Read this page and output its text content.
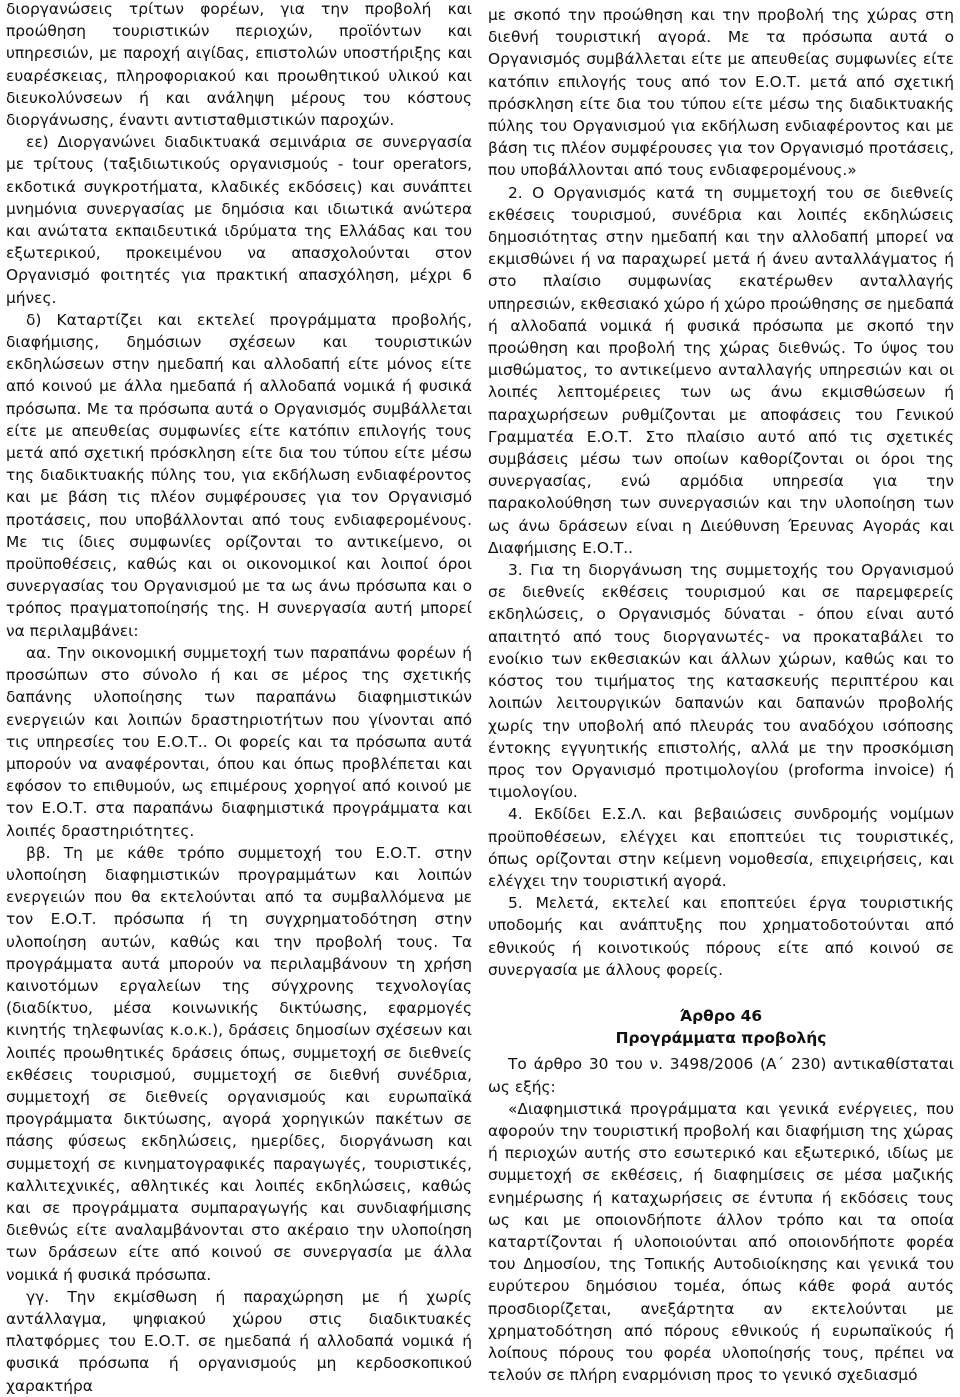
διοργανώσεις τρίτων φορέων, για την προβολή και προώθηση τουριστικών περιοχών, προϊόντων και υπηρεσιών, με παροχή αιγίδας, επιστολών υποστήριξης και ευαρέσκειας, πληροφοριακού και προωθητικού υλικού και διευκολύνσεων ή και ανάληψη μέρους του κόστους διοργάνωσης, έναντι αντισταθμιστικών παροχών.

εε) Διοργανώνει διαδικτυακά σεμινάρια σε συνεργασία με τρίτους (ταξιδιωτικούς οργανισμούς - tour operators, εκδοτικά συγκροτήματα, κλαδικές εκδόσεις) και συνάπτει μνημόνια συνεργασίας με δημόσια και ιδιωτικά ανώτερα και ανώτατα εκπαιδευτικά ιδρύματα της Ελλάδας και του εξωτερικού, προκειμένου να απασχολούνται στον Οργανισμό φοιτητές για πρακτική απασχόληση, μέχρι 6 μήνες.

δ) Καταρτίζει και εκτελεί προγράμματα προβολής, διαφήμισης, δημόσιων σχέσεων και τουριστικών εκδηλώσεων στην ημεδαπή και αλλοδαπή είτε μόνος είτε από κοινού με άλλα ημεδαπά ή αλλοδαπά νομικά ή φυσικά πρόσωπα. Με τα πρόσωπα αυτά ο Οργανισμός συμβάλλεται είτε με απευθείας συμφωνίες είτε κατόπιν επιλογής τους μετά από σχετική πρόσκληση είτε δια του τύπου είτε μέσω της διαδικτυακής πύλης του, για εκδήλωση ενδιαφέροντος και με βάση τις πλέον συμφέρουσες για τον Οργανισμό προτάσεις, που υποβάλλονται από τους ενδιαφερομένους. Με τις ίδιες συμφωνίες ορίζονται το αντικείμενο, οι προϋποθέσεις, καθώς και οι οικονομικοί και λοιποί όροι συνεργασίας του Οργανισμού με τα ως άνω πρόσωπα και ο τρόπος πραγματοποίησής της. Η συνεργασία αυτή μπορεί να περιλαμβάνει:

αα. Την οικονομική συμμετοχή των παραπάνω φορέων ή προσώπων στο σύνολο ή και σε μέρος της σχετικής δαπάνης υλοποίησης των παραπάνω διαφημιστικών ενεργειών και λοιπών δραστηριοτήτων που γίνονται από τις υπηρεσίες του Ε.Ο.Τ.. Οι φορείς και τα πρόσωπα αυτά μπορούν να αναφέρονται, όπου και όπως προβλέπεται και εφόσον το επιθυμούν, ως επιμέρους χορηγοί από κοινού με τον Ε.Ο.Τ. στα παραπάνω διαφημιστικά προγράμματα και λοιπές δραστηριότητες.

ββ. Τη με κάθε τρόπο συμμετοχή του Ε.Ο.Τ. στην υλοποίηση διαφημιστικών προγραμμάτων και λοιπών ενεργειών που θα εκτελούνται από τα συμβαλλόμενα με τον Ε.Ο.Τ. πρόσωπα ή τη συγχρηματοδότηση στην υλοποίηση αυτών, καθώς και την προβολή τους. Τα προγράμματα αυτά μπορούν να περιλαμβάνουν τη χρήση καινοτόμων εργαλείων της σύγχρονης τεχνολογίας (διαδίκτυο, μέσα κοινωνικής δικτύωσης, εφαρμογές κινητής τηλεφωνίας κ.ο.κ.), δράσεις δημοσίων σχέσεων και λοιπές προωθητικές δράσεις όπως, συμμετοχή σε διεθνείς εκθέσεις τουρισμού, συμμετοχή σε διεθνή συνέδρια, συμμετοχή σε διεθνείς οργανισμούς και ευρωπαϊκά προγράμματα δικτύωσης, αγορά χορηγικών πακέτων σε πάσης φύσεως εκδηλώσεις, ημερίδες, διοργάνωση και συμμετοχή σε κινηματογραφικές παραγωγές, τουριστικές, καλλιτεχνικές, αθλητικές και λοιπές εκδηλώσεις, καθώς και σε προγράμματα συμπαραγωγής και συνδιαφήμισης διεθνώς είτε αναλαμβάνονται στο ακέραιο την υλοποίηση των δράσεων είτε από κοινού σε συνεργασία με άλλα νομικά ή φυσικά πρόσωπα.

γγ. Την εκμίσθωση ή παραχώρηση με ή χωρίς αντάλλαγμα, ψηφιακού χώρου στις διαδικτυακές πλατφόρμες του Ε.Ο.Τ. σε ημεδαπά ή αλλοδαπά νομικά ή φυσικά πρόσωπα ή οργανισμούς μη κερδοσκοπικού χαρακτήρα

με σκοπό την προώθηση και την προβολή της χώρας στη διεθνή τουριστική αγορά. Με τα πρόσωπα αυτά ο Οργανισμός συμβάλλεται είτε με απευθείας συμφωνίες είτε κατόπιν επιλογής τους από τον Ε.Ο.Τ. μετά από σχετική πρόσκληση είτε δια του τύπου είτε μέσω της διαδικτυακής πύλης του Οργανισμού για εκδήλωση ενδιαφέροντος και με βάση τις πλέον συμφέρουσες για τον Οργανισμό προτάσεις, που υποβάλλονται από τους ενδιαφερομένους.»

2. Ο Οργανισμός κατά τη συμμετοχή του σε διεθνείς εκθέσεις τουρισμού, συνέδρια και λοιπές εκδηλώσεις δημοσιότητας στην ημεδαπή και την αλλοδαπή μπορεί να εκμισθώνει ή να παραχωρεί μετά ή άνευ ανταλλάγματος ή στο πλαίσιο συμφωνίας εκατέρωθεν ανταλλαγής υπηρεσιών, εκθεσιακό χώρο ή χώρο προώθησης σε ημεδαπά ή αλλοδαπά νομικά ή φυσικά πρόσωπα με σκοπό την προώθηση και προβολή της χώρας διεθνώς. Το ύψος του μισθώματος, το αντικείμενο ανταλλαγής υπηρεσιών και οι λοιπές λεπτομέρειες των ως άνω εκμισθώσεων ή παραχωρήσεων ρυθμίζονται με αποφάσεις του Γενικού Γραμματέα Ε.Ο.Τ. Στο πλαίσιο αυτό από τις σχετικές συμβάσεις μέσω των οποίων καθορίζονται οι όροι της συνεργασίας, ενώ αρμόδια υπηρεσία για την παρακολούθηση των συνεργασιών και την υλοποίηση των ως άνω δράσεων είναι η Διεύθυνση Έρευνας Αγοράς και Διαφήμισης Ε.Ο.Τ..

3. Για τη διοργάνωση της συμμετοχής του Οργανισμού σε διεθνείς εκθέσεις τουρισμού και σε παρεμφερείς εκδηλώσεις, ο Οργανισμός δύναται - όπου είναι αυτό απαιτητό από τους διοργανωτές- να προκαταβάλει το ενοίκιο των εκθεσιακών και άλλων χώρων, καθώς και το κόστος του τιμήματος της κατασκευής περιπτέρου και λοιπών λειτουργικών δαπανών και δαπανών προβολής χωρίς την υποβολή από πλευράς του αναδόχου ισόποσης έντοκης εγγυητικής επιστολής, αλλά με την προσκόμιση προς τον Οργανισμό προτιμολογίου (proforma invoice) ή τιμολογίου.

4. Εκδίδει Ε.Σ.Λ. και βεβαιώσεις συνδρομής νομίμων προϋποθέσεων, ελέγχει και εποπτεύει τις τουριστικές, όπως ορίζονται στην κείμενη νομοθεσία, επιχειρήσεις, και ελέγχει την τουριστική αγορά.

5. Μελετά, εκτελεί και εποπτεύει έργα τουριστικής υποδομής και ανάπτυξης που χρηματοδοτούνται από εθνικούς ή κοινοτικούς πόρους είτε από κοινού σε συνεργασία με άλλους φορείς.

Άρθρο 46

Προγράμματα προβολής

Το άρθρο 30 του ν. 3498/2006 (Α΄ 230) αντικαθίσταται ως εξής:

«Διαφημιστικά προγράμματα και γενικά ενέργειες, που αφορούν την τουριστική προβολή και διαφήμιση της χώρας ή περιοχών αυτής στο εσωτερικό και εξωτερικό, ιδίως με συμμετοχή σε εκθέσεις, ή διαφημίσεις σε μέσα μαζικής ενημέρωσης ή καταχωρήσεις σε έντυπα ή εκδόσεις τους ως και με οποιονδήποτε άλλον τρόπο και τα οποία καταρτίζονται ή υλοποιούνται από οποιονδήποτε φορέα του Δημοσίου, της Τοπικής Αυτοδιοίκησης και γενικά του ευρύτερου δημόσιου τομέα, όπως κάθε φορά αυτός προσδιορίζεται, ανεξάρτητα αν εκτελούνται με χρηματοδότηση από πόρους εθνικούς ή ευρωπαϊκούς ή λοίπους πόρους του φορέα υλοποίησής τους, πρέπει να τελούν σε πλήρη εναρμόνιση προς το γενικό σχεδιασμό
